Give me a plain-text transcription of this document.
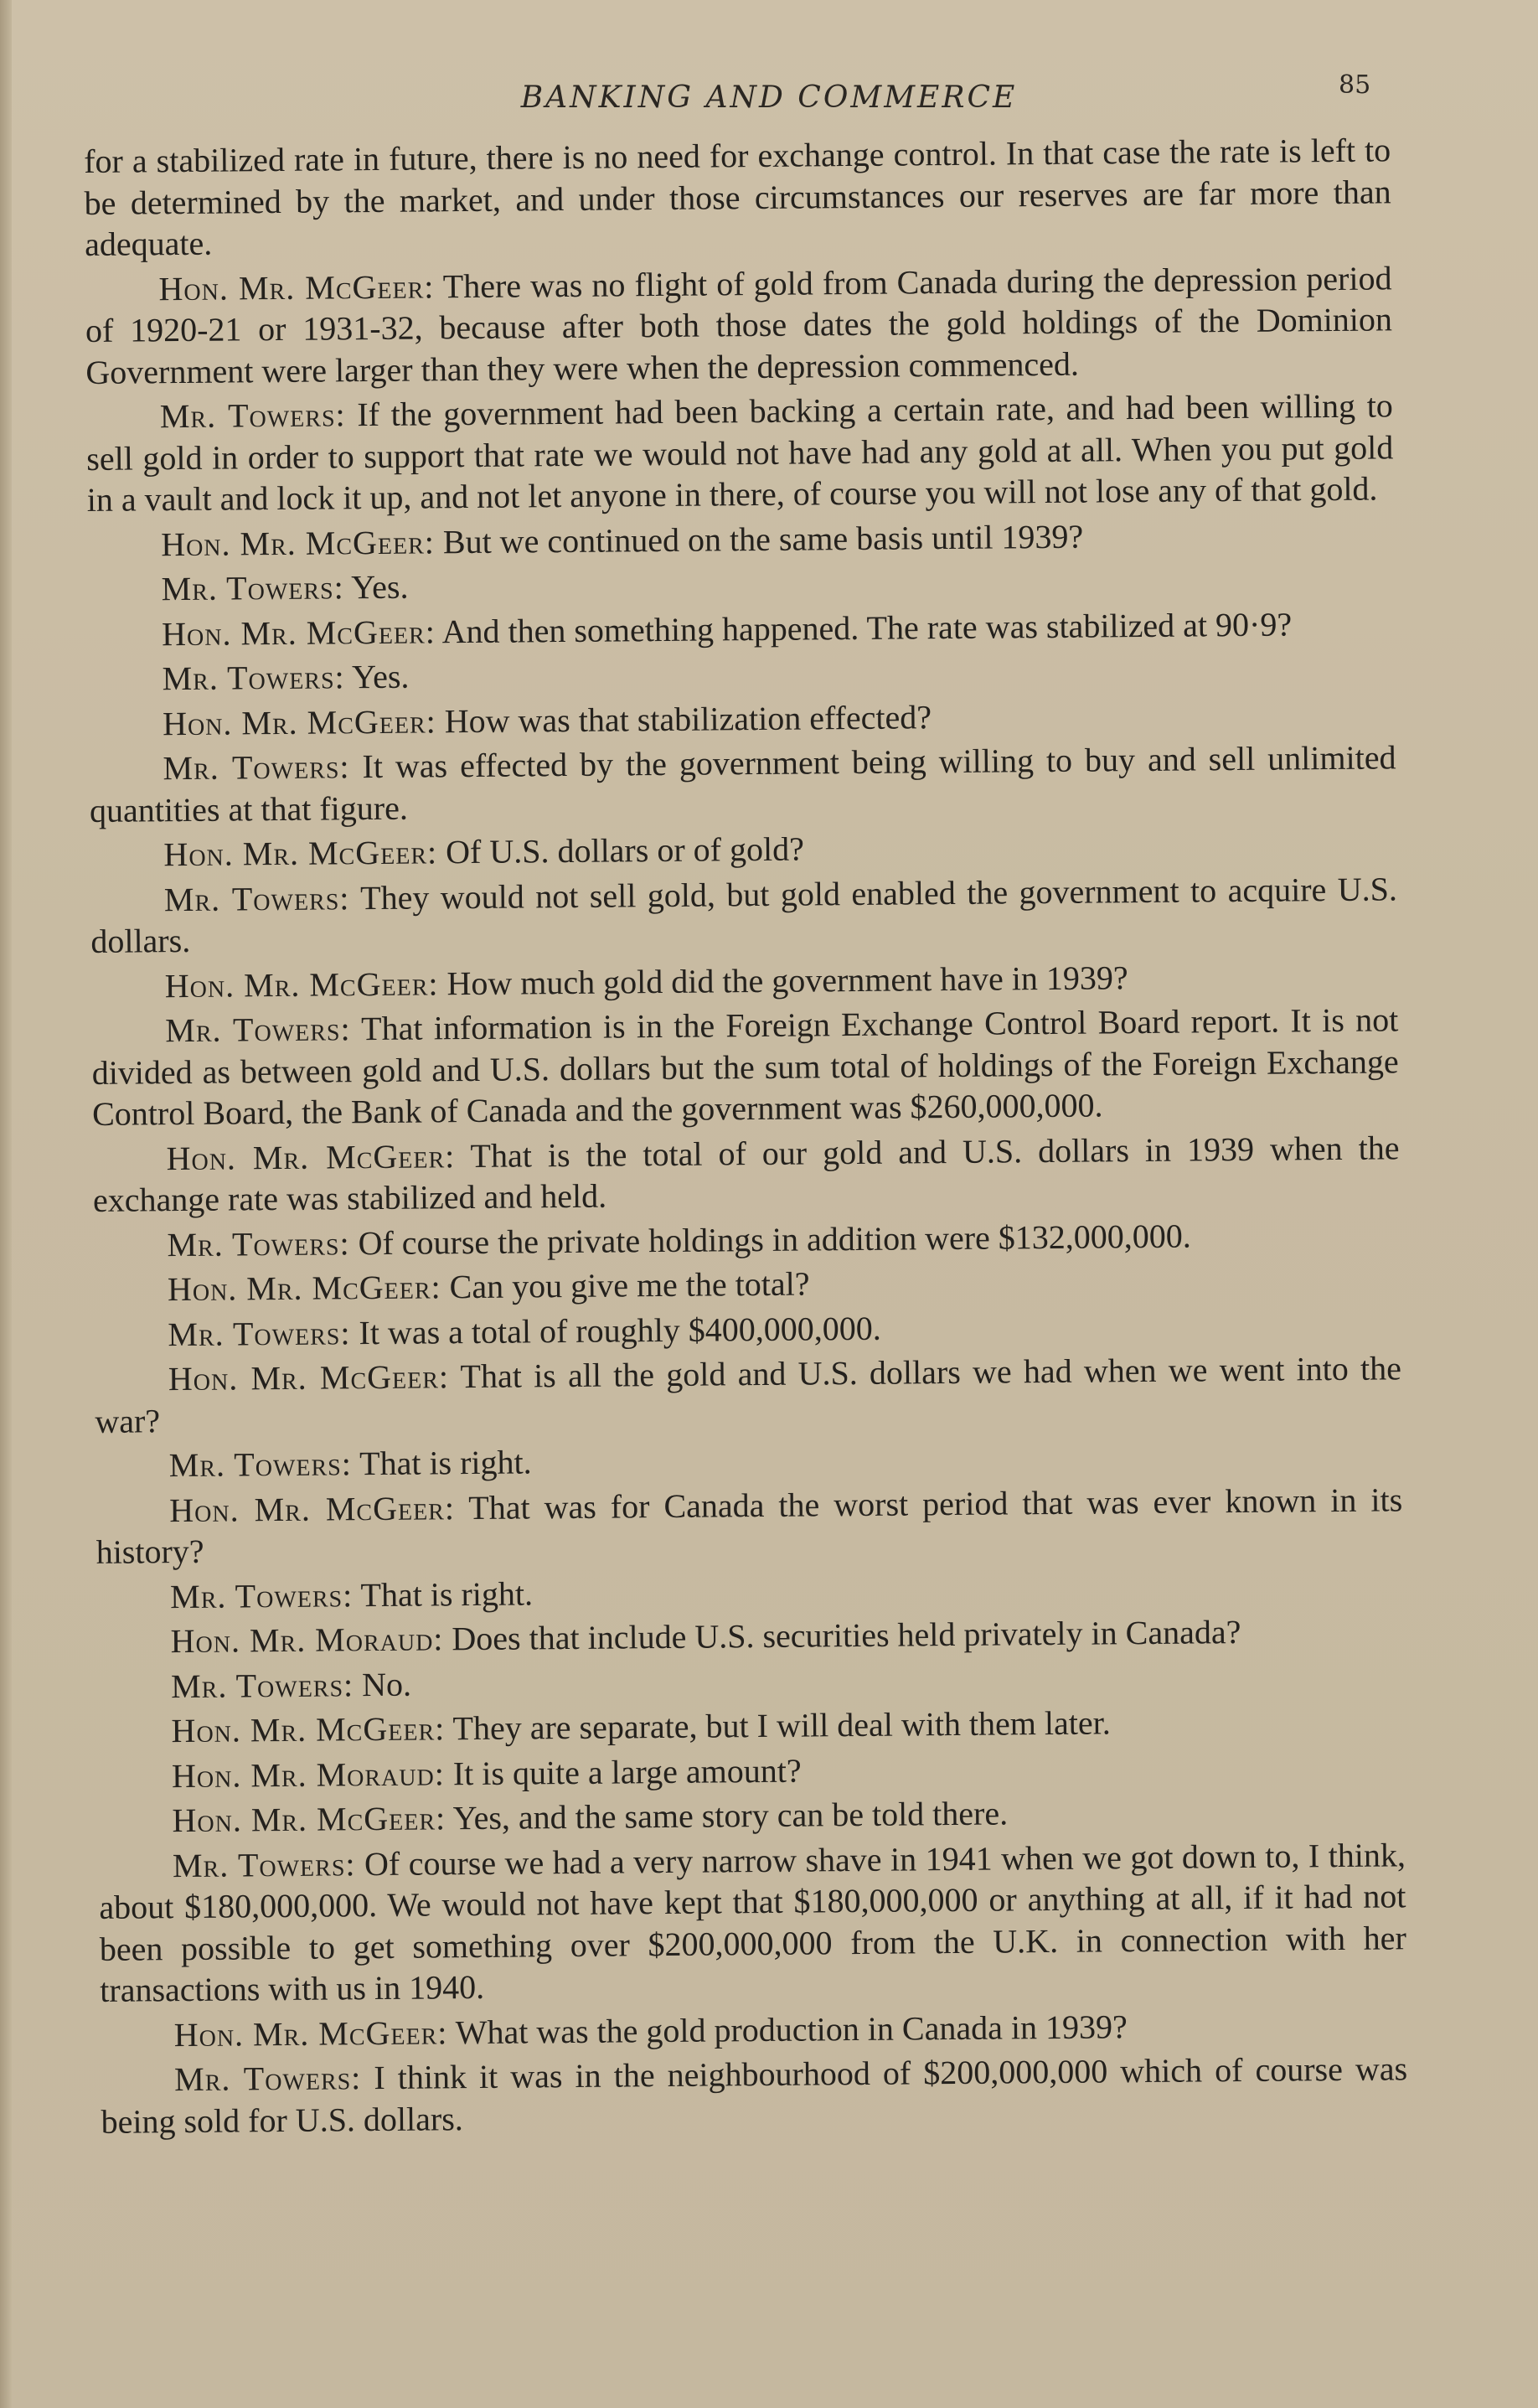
BANKING AND COMMERCE	85

for a stabilized rate in future, there is no need for exchange control. In that case the rate is left to be determined by the market, and under those circumstances our reserves are far more than adequate.

Hon. Mr. McGeer: There was no flight of gold from Canada during the depression period of 1920-21 or 1931-32, because after both those dates the gold holdings of the Dominion Government were larger than they were when the depression commenced.

Mr. Towers: If the government had been backing a certain rate, and had been willing to sell gold in order to support that rate we would not have had any gold at all. When you put gold in a vault and lock it up, and not let anyone in there, of course you will not lose any of that gold.

Hon. Mr. McGeer: But we continued on the same basis until 1939?

Mr. Towers: Yes.

Hon. Mr. McGeer: And then something happened. The rate was stabilized at 90·9?

Mr. Towers: Yes.

Hon. Mr. McGeer: How was that stabilization effected?

Mr. Towers: It was effected by the government being willing to buy and sell unlimited quantities at that figure.

Hon. Mr. McGeer: Of U.S. dollars or of gold?

Mr. Towers: They would not sell gold, but gold enabled the government to acquire U.S. dollars.

Hon. Mr. McGeer: How much gold did the government have in 1939?

Mr. Towers: That information is in the Foreign Exchange Control Board report. It is not divided as between gold and U.S. dollars but the sum total of holdings of the Foreign Exchange Control Board, the Bank of Canada and the government was $260,000,000.

Hon. Mr. McGeer: That is the total of our gold and U.S. dollars in 1939 when the exchange rate was stabilized and held.

Mr. Towers: Of course the private holdings in addition were $132,000,000.

Hon. Mr. McGeer: Can you give me the total?

Mr. Towers: It was a total of roughly $400,000,000.

Hon. Mr. McGeer: That is all the gold and U.S. dollars we had when we went into the war?

Mr. Towers: That is right.

Hon. Mr. McGeer: That was for Canada the worst period that was ever known in its history?

Mr. Towers: That is right.

Hon. Mr. Moraud: Does that include U.S. securities held privately in Canada?

Mr. Towers: No.

Hon. Mr. McGeer: They are separate, but I will deal with them later.

Hon. Mr. Moraud: It is quite a large amount?

Hon. Mr. McGeer: Yes, and the same story can be told there.

Mr. Towers: Of course we had a very narrow shave in 1941 when we got down to, I think, about $180,000,000. We would not have kept that $180,000,000 or anything at all, if it had not been possible to get something over $200,000,000 from the U.K. in connection with her transactions with us in 1940.

Hon. Mr. McGeer: What was the gold production in Canada in 1939?

Mr. Towers: I think it was in the neighbourhood of $200,000,000 which of course was being sold for U.S. dollars.
